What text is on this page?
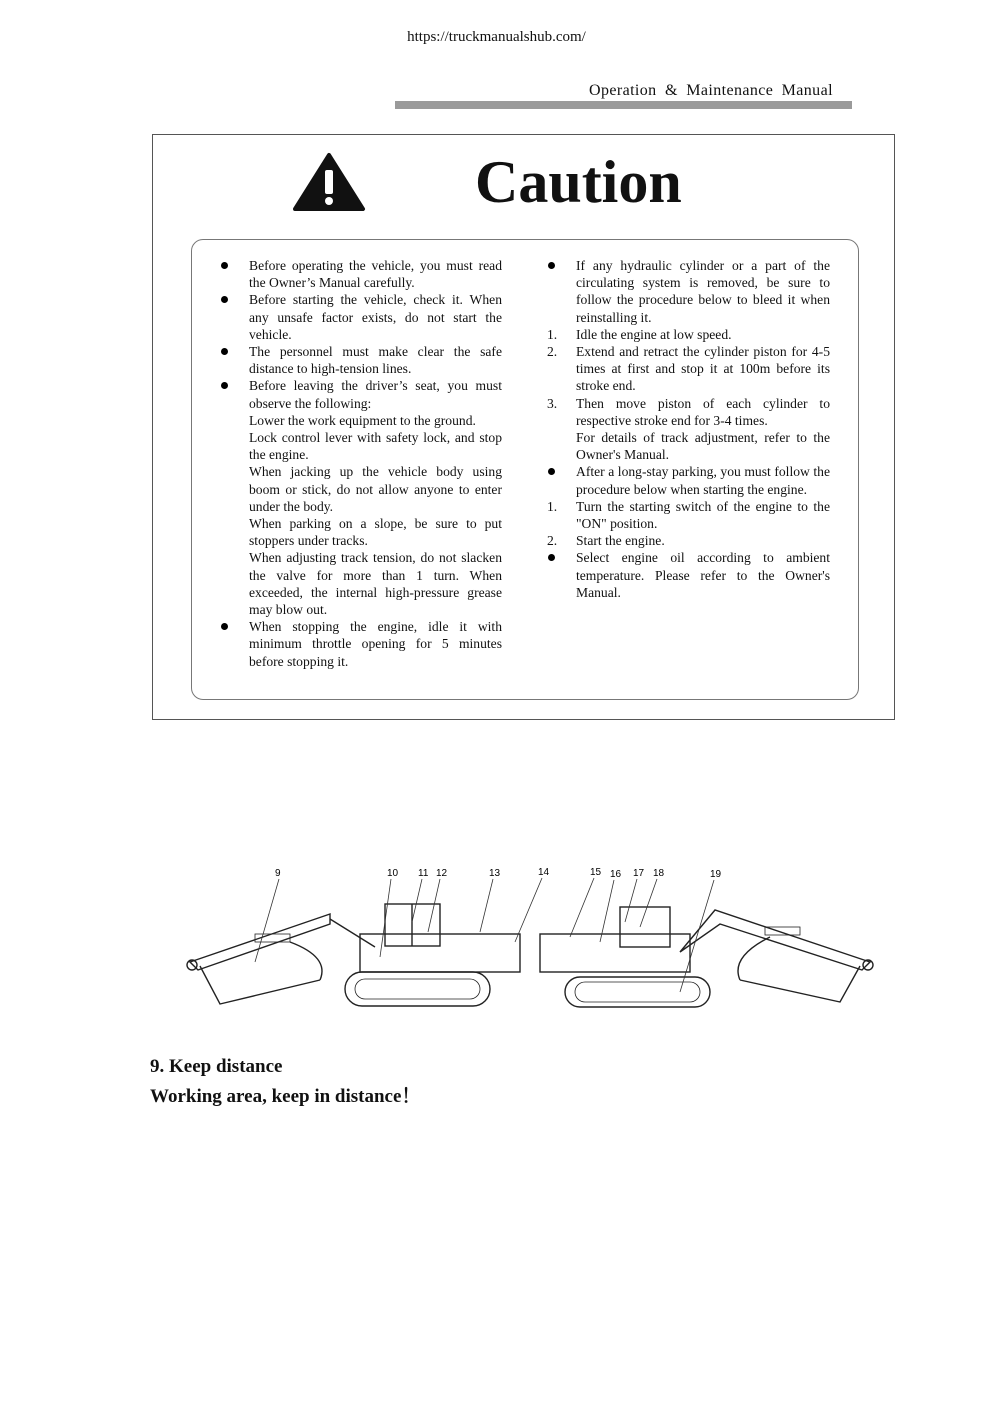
https://truckmanualshub.com/
Operation & Maintenance Manual
Caution
Before operating the vehicle, you must read the Owner’s Manual carefully.
Before starting the vehicle, check it. When any unsafe factor exists, do not start the vehicle.
The personnel must make clear the safe distance to high-tension lines.
Before leaving the driver’s seat, you must observe the following:
Lower the work equipment to the ground.
Lock control lever with safety lock, and stop the engine.
When jacking up the vehicle body using boom or stick, do not allow anyone to enter under the body.
When parking on a slope, be sure to put stoppers under tracks.
When adjusting track tension, do not slacken the valve for more than 1 turn. When exceeded, the internal high-pressure grease may blow out.
When stopping the engine, idle it with minimum throttle opening for 5 minutes before stopping it.
If any hydraulic cylinder or a part of the circulating system is removed, be sure to follow the procedure below to bleed it when reinstalling it.
1.	Idle the engine at low speed.
2.	Extend and retract the cylinder piston for 4-5 times at first and stop it at 100m before its stroke end.
3.	Then move piston of each cylinder to respective stroke end for 3-4 times.
For details of track adjustment, refer to the Owner's Manual.
After a long-stay parking, you must follow the procedure below when starting the engine.
1.	Turn the starting switch of the engine to the "ON" position.
2.	Start the engine.
Select engine oil according to ambient temperature. Please refer to the Owner's Manual.
9	10 11 12	13	14	15 16 17 18	19
9. Keep distance
Working area, keep in distance！
